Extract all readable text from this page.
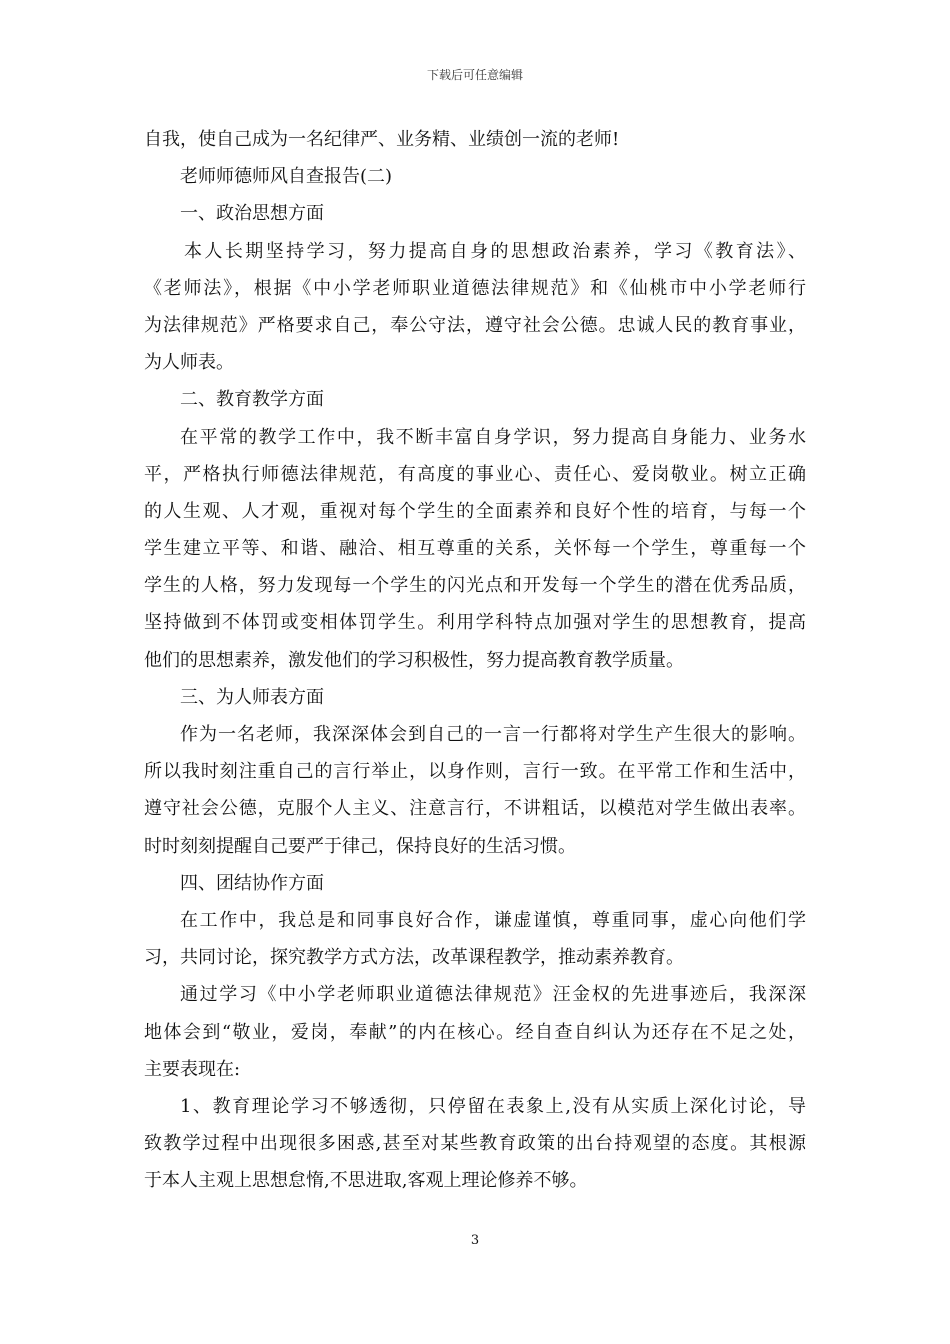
下载后可任意编辑

自我，使自己成为一名纪律严、业务精、业绩创一流的老师!

老师师德师风自查报告(二)

一、政治思想方面

本人长期坚持学习，努力提高自身的思想政治素养，学习《教育法》、

《老师法》，根据《中小学老师职业道德法律规范》和《仙桃市中小学老师行

为法律规范》严格要求自己，奉公守法，遵守社会公德。忠诚人民的教育事业，

为人师表。

二、教育教学方面

在平常的教学工作中，我不断丰富自身学识，努力提高自身能力、业务水

平，严格执行师德法律规范，有高度的事业心、责任心、爱岗敬业。树立正确

的人生观、人才观，重视对每个学生的全面素养和良好个性的培育，与每一个

学生建立平等、和谐、融洽、相互尊重的关系，关怀每一个学生，尊重每一个

学生的人格，努力发现每一个学生的闪光点和开发每一个学生的潜在优秀品质，

坚持做到不体罚或变相体罚学生。利用学科特点加强对学生的思想教育，提高

他们的思想素养，激发他们的学习积极性，努力提高教育教学质量。

三、为人师表方面

作为一名老师，我深深体会到自己的一言一行都将对学生产生很大的影响。

所以我时刻注重自己的言行举止，以身作则，言行一致。在平常工作和生活中，

遵守社会公德，克服个人主义、注意言行，不讲粗话，以模范对学生做出表率。

时时刻刻提醒自己要严于律己，保持良好的生活习惯。

四、团结协作方面

在工作中，我总是和同事良好合作，谦虚谨慎，尊重同事，虚心向他们学

习，共同讨论，探究教学方式方法，改革课程教学，推动素养教育。

通过学习《中小学老师职业道德法律规范》汪金权的先进事迹后，我深深

地体会到“敬业，爱岗，奉献”的内在核心。经自查自纠认为还存在不足之处，

主要表现在:

1、教育理论学习不够透彻，只停留在表象上,没有从实质上深化讨论，导

致教学过程中出现很多困惑,甚至对某些教育政策的出台持观望的态度。其根源

于本人主观上思想怠惰,不思进取,客观上理论修养不够。

3
